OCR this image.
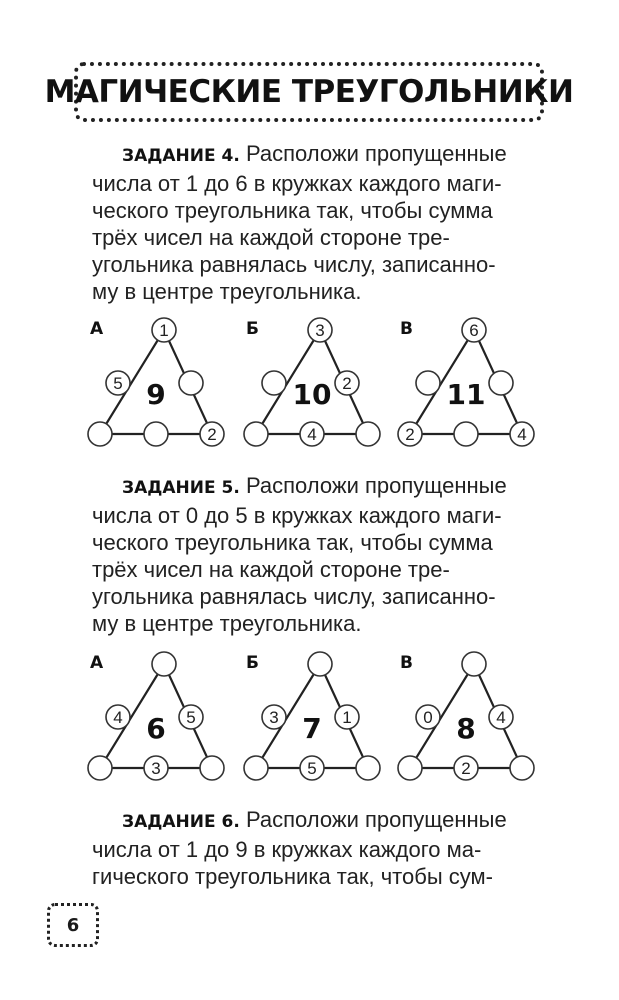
МАГИЧЕСКИЕ ТРЕУГОЛЬНИКИ
ЗАДАНИЕ 4. Расположи пропущенные
числа от 1 до 6 в кружках каждого маги-
ческого треугольника так, чтобы сумма
трёх чисел на каждой стороне тре-
угольника равнялась числу, записанно-
му в центре треугольника.
ЗАДАНИЕ 5. Расположи пропущенные
числа от 0 до 5 в кружках каждого маги-
ческого треугольника так, чтобы сумма
трёх чисел на каждой стороне тре-
угольника равнялась числу, записанно-
му в центре треугольника.
ЗАДАНИЕ 6. Расположи пропущенные
числа от 1 до 9 в кружках каждого ма-
гического треугольника так, чтобы сум-
А
9
1
5
2
Б
10
3
2
4
В
11
6
2	4
А
6
4	5
3
Б
7
3	1
5
В
8
0	4
2
6
